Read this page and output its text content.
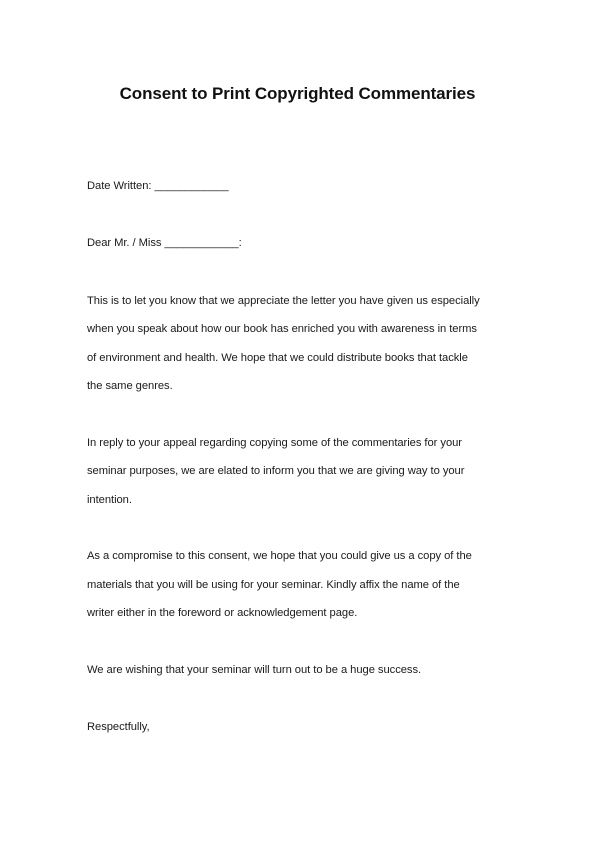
Consent to Print Copyrighted Commentaries
Date Written: ____________
Dear Mr. / Miss ____________:
This is to let you know that we appreciate the letter you have given us especially
when you speak about how our book has enriched you with awareness in terms
of environment and health. We hope that we could distribute books that tackle
the same genres.
In reply to your appeal regarding copying some of the commentaries for your
seminar purposes, we are elated to inform you that we are giving way to your
intention.
As a compromise to this consent, we hope that you could give us a copy of the
materials that you will be using for your seminar. Kindly affix the name of the
writer either in the foreword or acknowledgement page.
We are wishing that your seminar will turn out to be a huge success.
Respectfully,
